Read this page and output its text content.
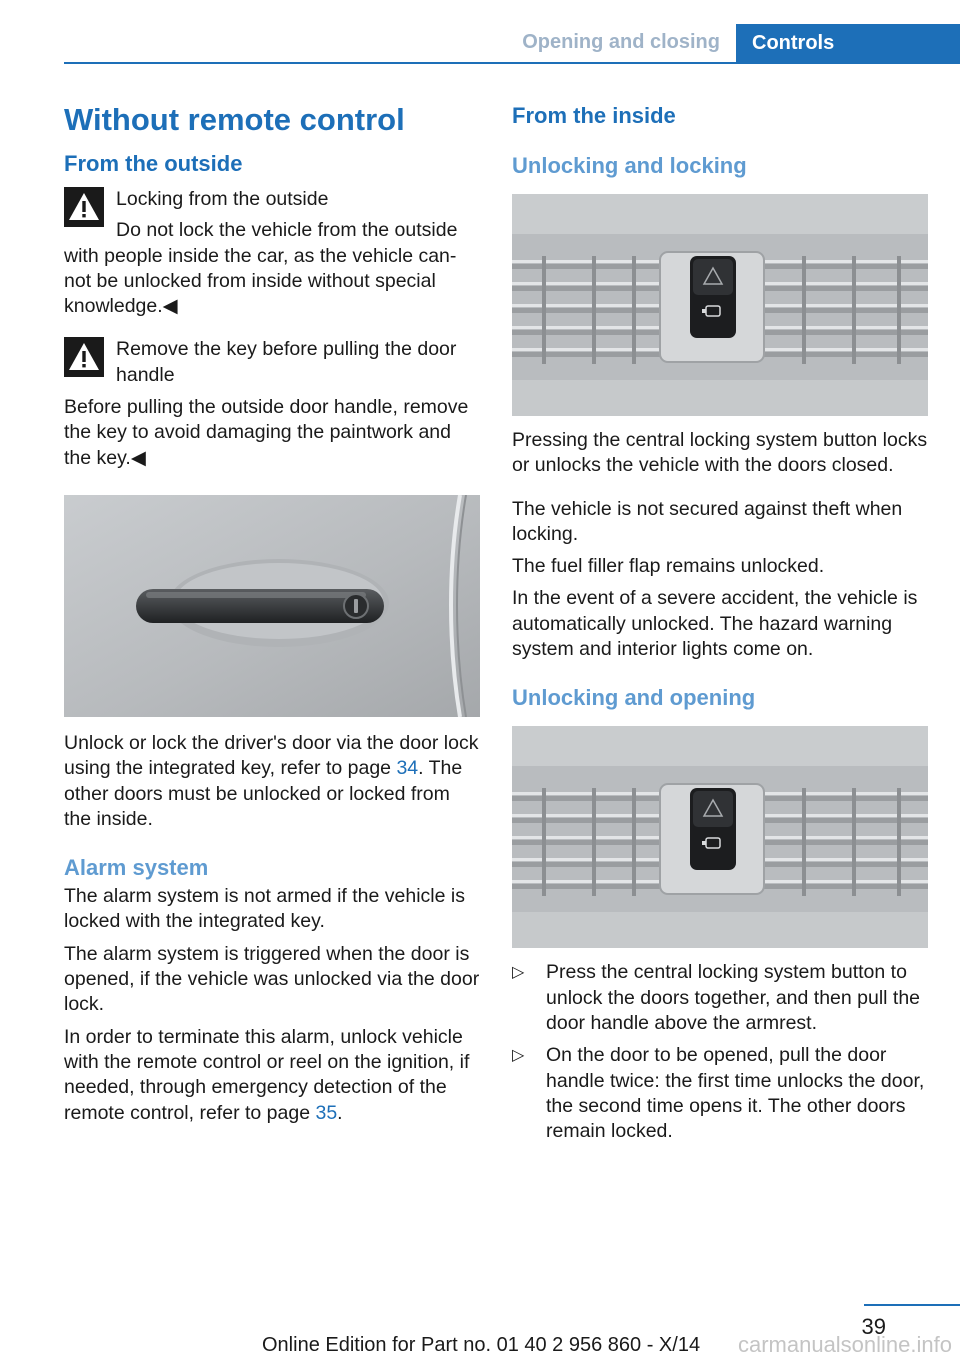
Opening and closing	Controls
Without remote control
From the outside

Locking from the outside

Do not lock the vehicle from the outside

with people inside the car, as the vehicle can-not be unlocked from inside without special knowledge.◀

Remove the key before pulling the door handle

Before pulling the outside door handle, remove the key to avoid damaging the paintwork and the key.◀

Unlock or lock the driver's door via the door lock using the integrated key, refer to page 34. The other doors must be unlocked or locked from the inside.

Alarm system

The alarm system is not armed if the vehicle is locked with the integrated key.

The alarm system is triggered when the door is opened, if the vehicle was unlocked via the door lock.

In order to terminate this alarm, unlock vehicle with the remote control or reel on the ignition, if needed, through emergency detection of the remote control, refer to page 35.

From the inside
Unlocking and locking

Pressing the central locking system button locks or unlocks the vehicle with the doors closed.

The vehicle is not secured against theft when locking.

The fuel filler flap remains unlocked.

In the event of a severe accident, the vehicle is automatically unlocked. The hazard warning system and interior lights come on.

Unlocking and opening
▷ Press the central locking system button to unlock the doors together, and then pull the door handle above the armrest.

▷ On the door to be opened, pull the door handle twice: the first time unlocks the door, the second time opens it. The other doors remain locked.

39
Online Edition for Part no. 01 40 2 956 860 - X/14 carmanualsonline.info
